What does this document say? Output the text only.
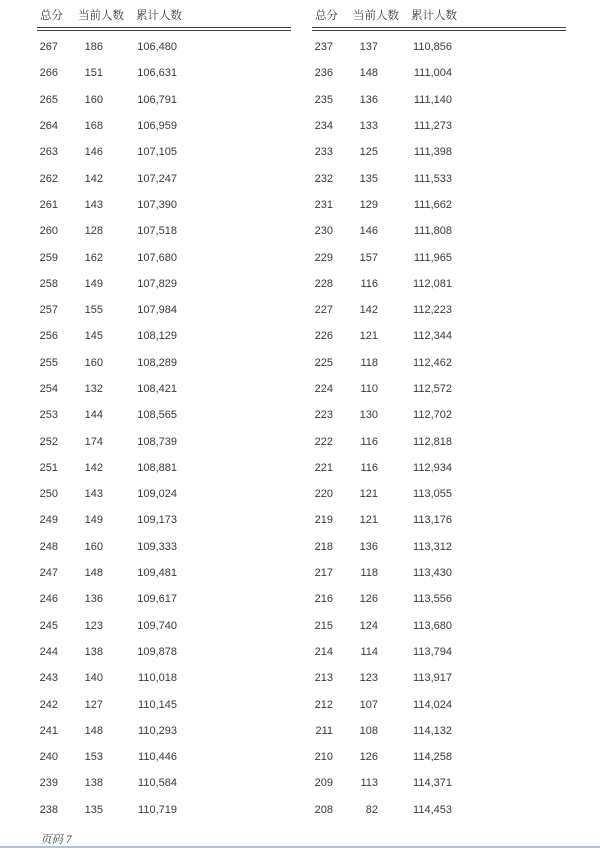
总分 当前人数 累计人数
267	186	106,480
266	151	106,631
265	160	106,791
264	168	106,959
263	146	107,105
262	142	107,247
261	143	107,390
260	128	107,518
259	162	107,680
258	149	107,829
257	155	107,984
256	145	108,129
255	160	108,289
254	132	108,421
253	144	108,565
252	174	108,739
251	142	108,881
250	143	109,024
249	149	109,173
248	160	109,333
247	148	109,481
246	136	109,617
245	123	109,740
244	138	109,878
243	140	110,018
242	127	110,145
241	148	110,293
240	153	110,446
239	138	110,584
238	135	110,719
总分 当前人数 累计人数
237	137	110,856
236	148	111,004
235	136	111,140
234	133	111,273
233	125	111,398
232	135	111,533
231	129	111,662
230	146	111,808
229	157	111,965
228	116	112,081
227	142	112,223
226	121	112,344
225	118	112,462
224	110	112,572
223	130	112,702
222	116	112,818
221	116	112,934
220	121	113,055
219	121	113,176
218	136	113,312
217	118	113,430
216	126	113,556
215	124	113,680
214	114	113,794
213	123	113,917
212	107	114,024
211	108	114,132
210	126	114,258
209	113	114,371
208	82	114,453
页码 7
